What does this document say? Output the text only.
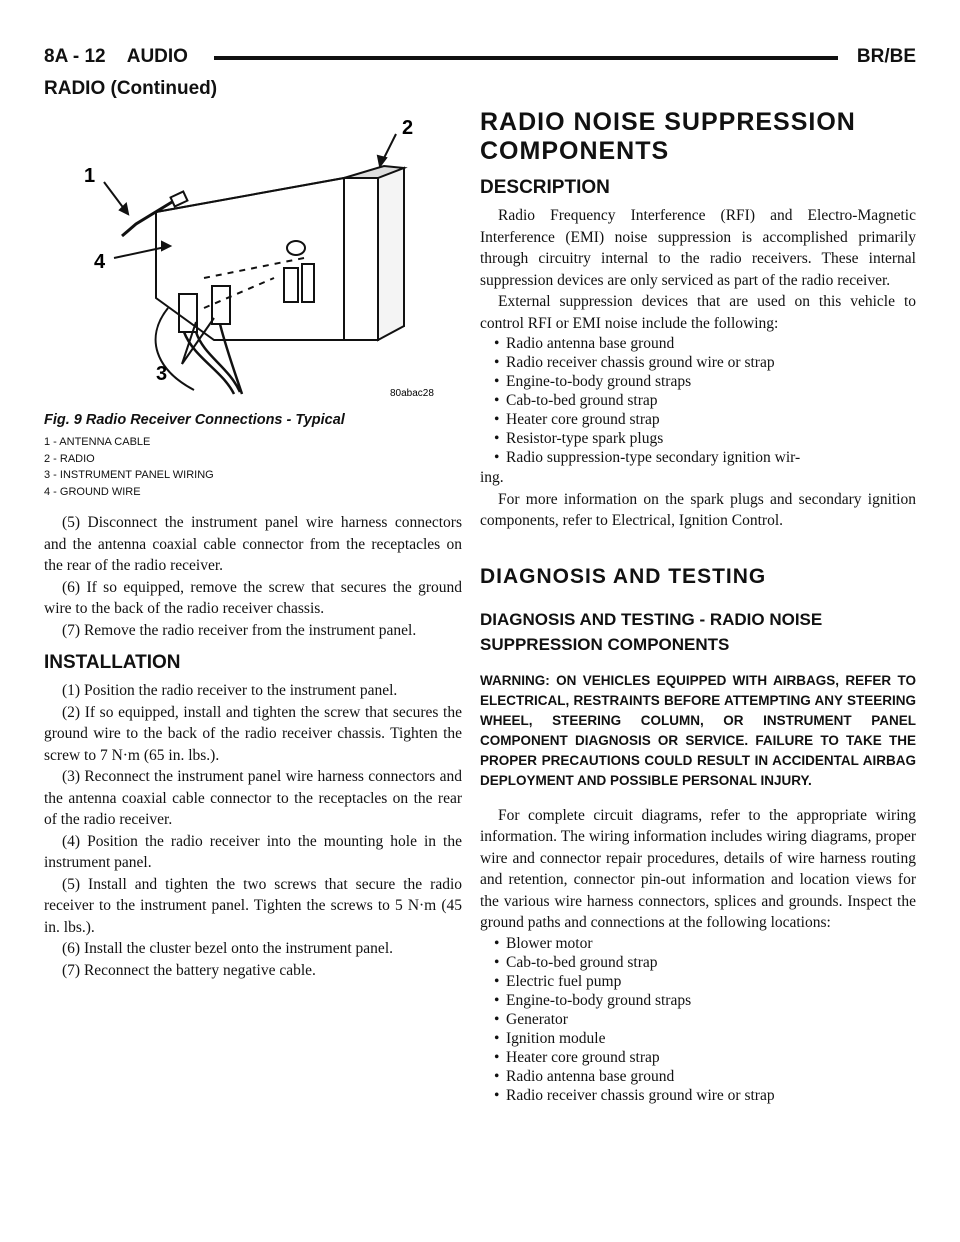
8A - 12 AUDIO	BR/BE
RADIO (Continued)
1
2
3
4
80abac28
Fig. 9 Radio Receiver Connections - Typical
1 - ANTENNA CABLE
2 - RADIO
3 - INSTRUMENT PANEL WIRING
4 - GROUND WIRE

(5) Disconnect the instrument panel wire harness connectors and the antenna coaxial cable connector from the receptacles on the rear of the radio receiver.

(6) If so equipped, remove the screw that secures the ground wire to the back of the radio receiver chassis.

(7) Remove the radio receiver from the instrument panel.

INSTALLATION

(1) Position the radio receiver to the instrument panel.

(2) If so equipped, install and tighten the screw that secures the ground wire to the back of the radio receiver chassis. Tighten the screw to 7 N·m (65 in. lbs.).

(3) Reconnect the instrument panel wire harness connectors and the antenna coaxial cable connector to the receptacles on the rear of the radio receiver.

(4) Position the radio receiver into the mounting hole in the instrument panel.

(5) Install and tighten the two screws that secure the radio receiver to the instrument panel. Tighten the screws to 5 N·m (45 in. lbs.).

(6) Install the cluster bezel onto the instrument panel.

(7) Reconnect the battery negative cable.

RADIO NOISE SUPPRESSION COMPONENTS
DESCRIPTION

Radio Frequency Interference (RFI) and Electro-Magnetic Interference (EMI) noise suppression is accomplished primarily through circuitry internal to the radio receivers. These internal suppression devices are only serviced as part of the radio receiver.

External suppression devices that are used on this vehicle to control RFI or EMI noise include the following:

• Radio antenna base ground
• Radio receiver chassis ground wire or strap
• Engine-to-body ground straps
• Cab-to-bed ground strap
• Heater core ground strap
• Resistor-type spark plugs
• Radio suppression-type secondary ignition wir-

ing.

For more information on the spark plugs and secondary ignition components, refer to Electrical, Ignition Control.

DIAGNOSIS AND TESTING
DIAGNOSIS AND TESTING - RADIO NOISE SUPPRESSION COMPONENTS
WARNING: ON VEHICLES EQUIPPED WITH AIRBAGS, REFER TO ELECTRICAL, RESTRAINTS BEFORE ATTEMPTING ANY STEERING WHEEL, STEERING COLUMN, OR INSTRUMENT PANEL COMPONENT DIAGNOSIS OR SERVICE. FAILURE TO TAKE THE PROPER PRECAUTIONS COULD RESULT IN ACCIDENTAL AIRBAG DEPLOYMENT AND POSSIBLE PERSONAL INJURY.

For complete circuit diagrams, refer to the appropriate wiring information. The wiring information includes wiring diagrams, proper wire and connector repair procedures, details of wire harness routing and retention, connector pin-out information and location views for the various wire harness connectors, splices and grounds. Inspect the ground paths and connections at the following locations:

• Blower motor
• Cab-to-bed ground strap
• Electric fuel pump
• Engine-to-body ground straps
• Generator
• Ignition module
• Heater core ground strap
• Radio antenna base ground
• Radio receiver chassis ground wire or strap
